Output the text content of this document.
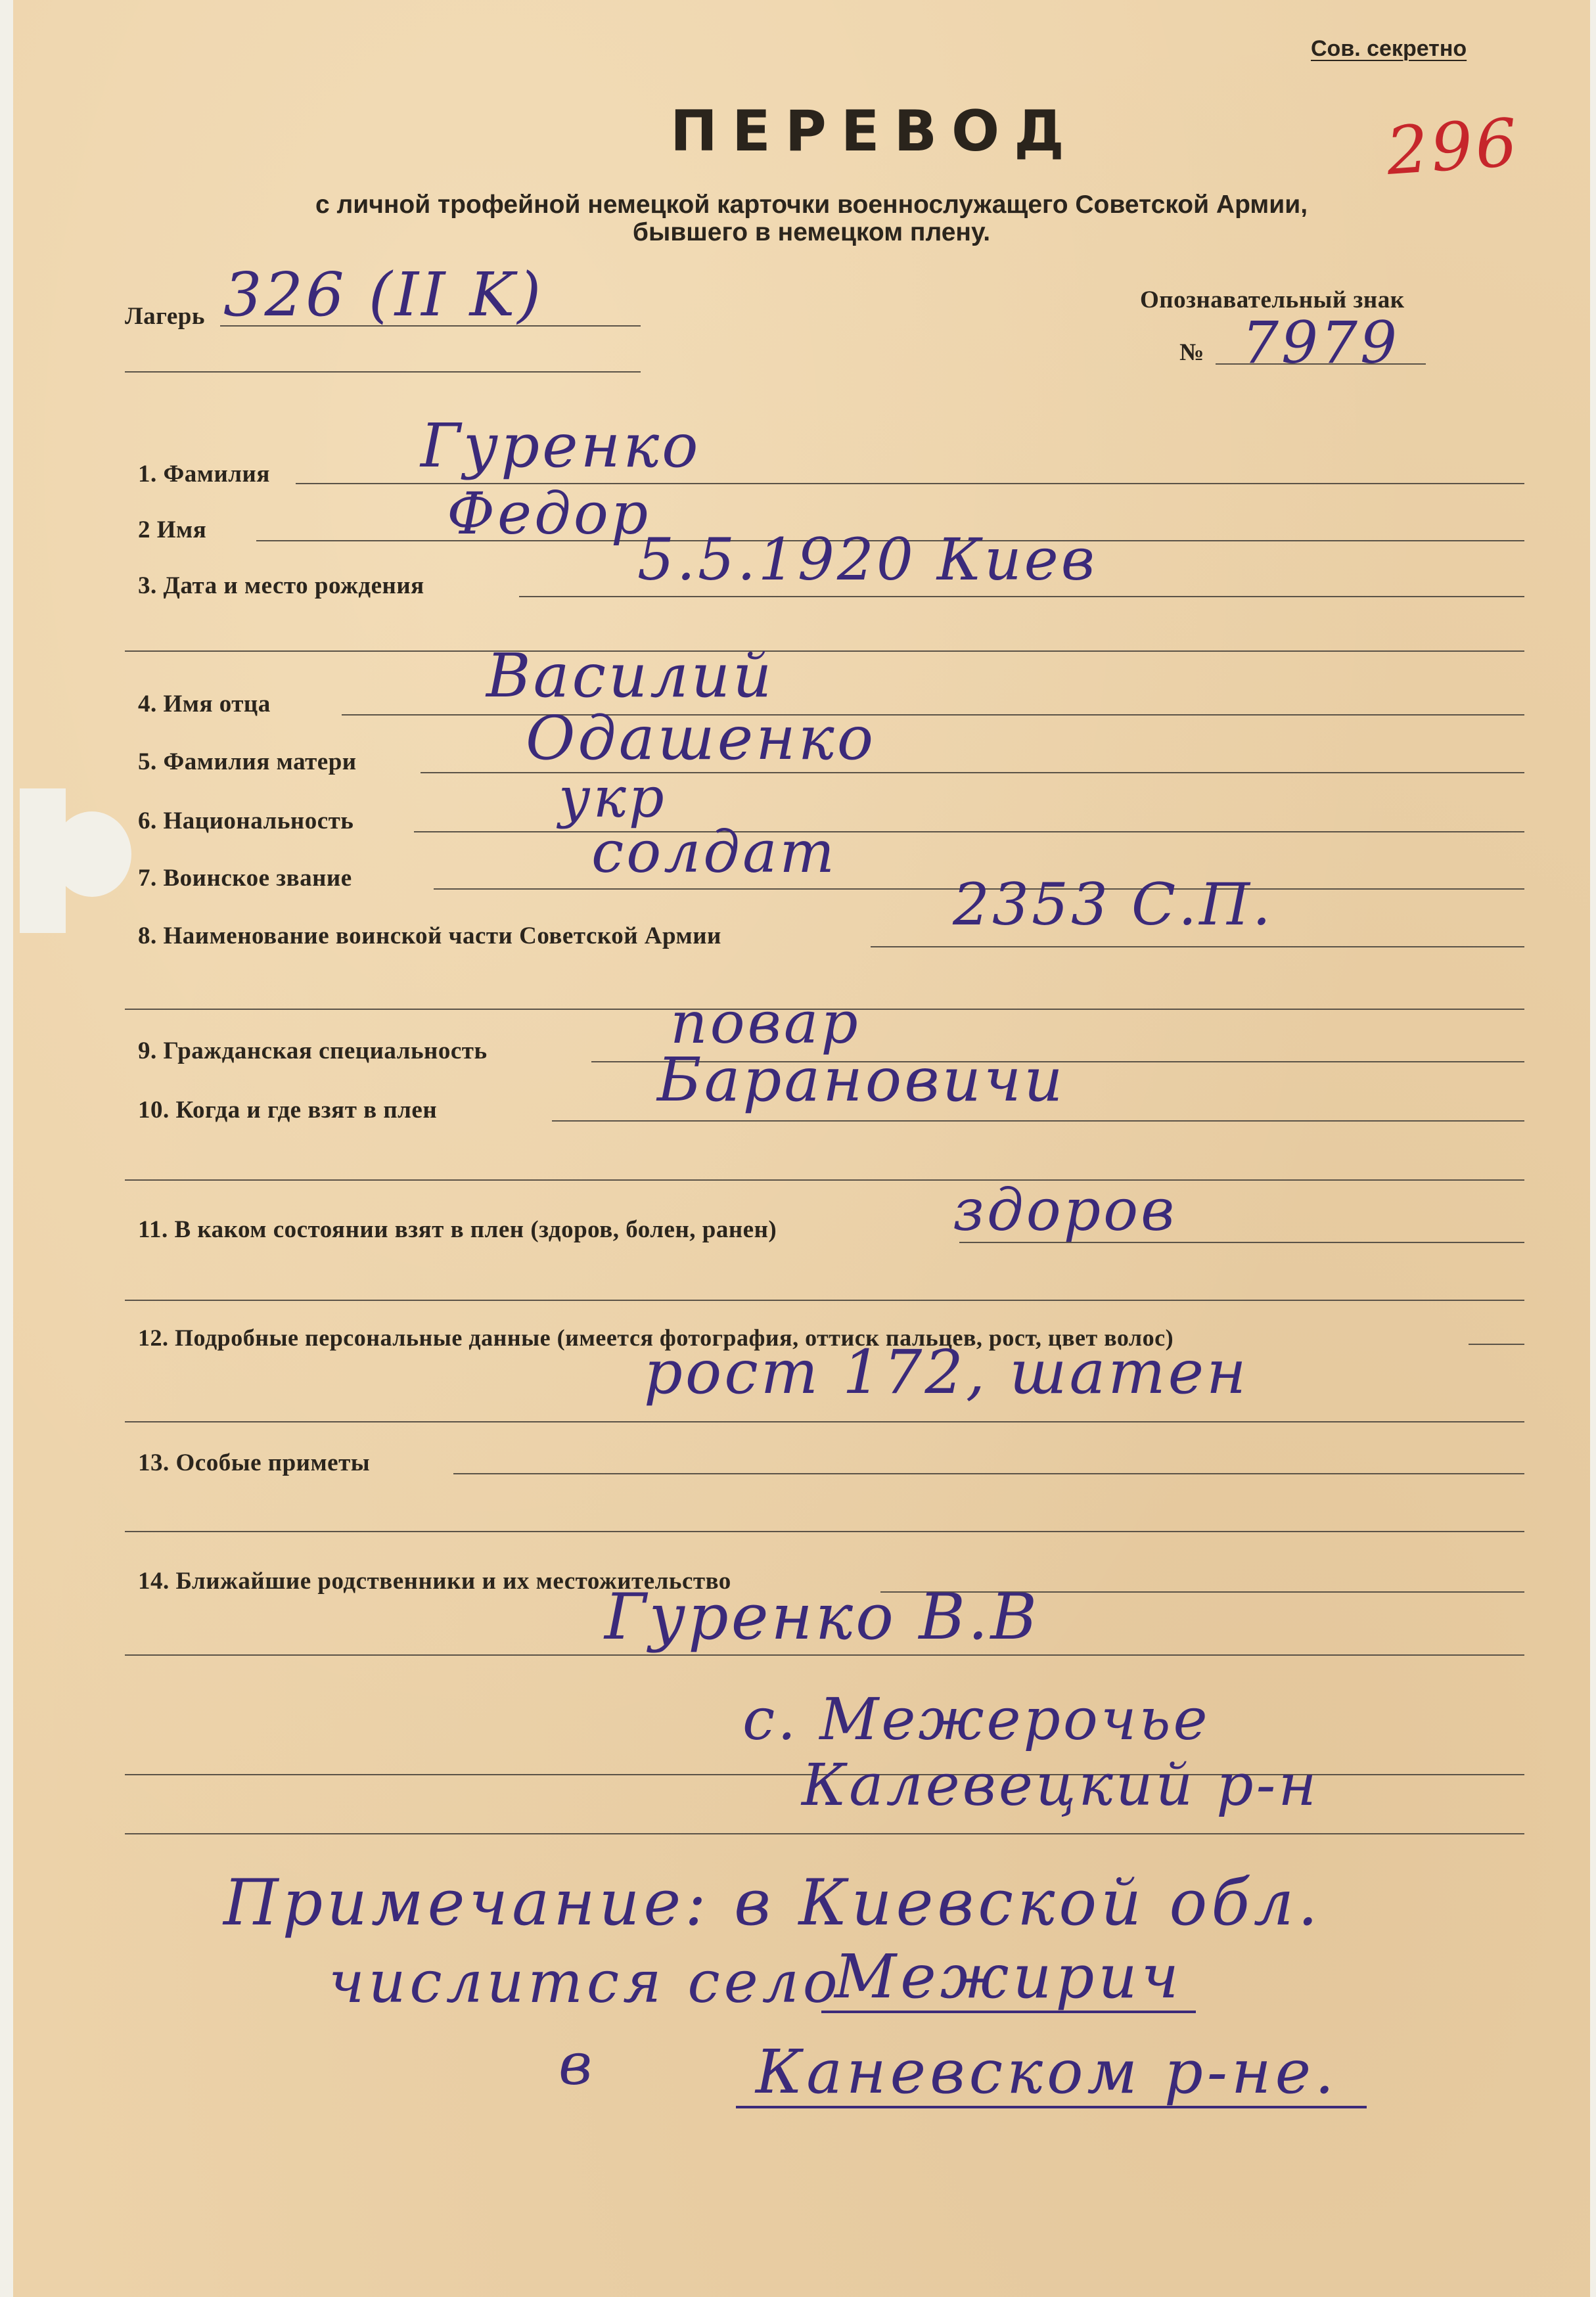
Сов. секретно
ПЕРЕВОД	296
с личной трофейной немецкой карточки военнослужащего Советской Армии,
бывшего в немецком плену.
Лагерь 326 (II K)	Опознавательный знак
№ 7979
1. Фамилия Гуренко
2 Имя	Федор
3. Дата и место рождения	5.5.1920 Киев
4. Имя отца	Василий
5. Фамилия матери	Одашенко
6. Национальность	укр
7. Воинское звание	солдат
8. Наименование воинской части Советской Армии	2353 С.П.
9. Гражданская специальность	повар
10. Когда и где взят в плен	Барановичи
11. В каком состоянии взят в плен (здоров, болен, ранен)	здоров
12. Подробные персональные данные (имеется фотография, оттиск пальцев, рост, цвет волос)
рост 172, шатен
13. Особые приметы
14. Ближайшие родственники и их местожительство
Гуренко В.В
с. Межерочье
Калевецкий р-н
Примечание: в Киевской обл.
числится село
Межирич
в	Каневском р-не.
